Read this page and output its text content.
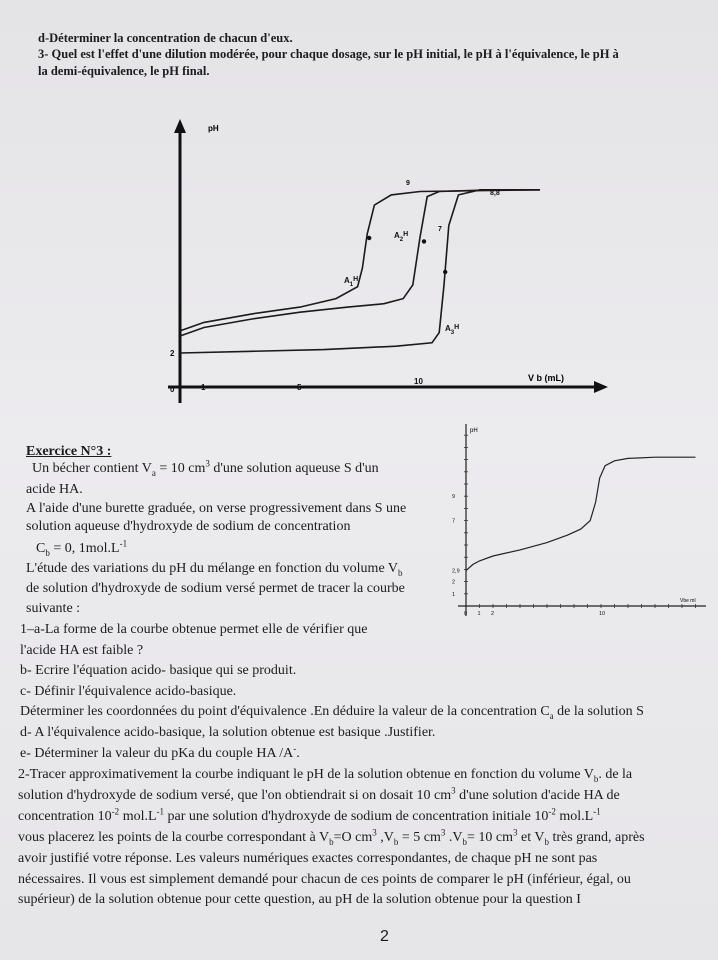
d-Déterminer la concentration de chacun d'eux.
3- Quel est l'effet d'une dilution modérée, pour chaque dosage, sur le pH initial, le pH à l'équivalence, le pH à
la demi-équivalence, le pH final.
pH
V b (mL)
0	1	5
10
2
$A_1H$
$A_2H$
$A_3H$
9
8,8
7
Exercice N°3 :
Un bécher contient $V_a = 10$ $cm^3$ d'une solution aqueuse S d'un
acide HA.
A l'aide d'une burette graduée, on verse progressivement dans S une
solution aqueuse d'hydroxyde de sodium de concentration
$C_b = 0$, $1mol.L^{-1}$
L'étude des variations du pH du mélange en fonction du volume $V_b$
de solution d'hydroxyde de sodium versé permet de tracer la courbe
suivante :
1–a-La forme de la courbe obtenue permet elle de vérifier que
l'acide HA est faible ?
b- Ecrire l'équation acido- basique qui se produit.
c- Définir l'équivalence acido-basique.
Déterminer les coordonnées du point d'équivalence .En déduire la valeur de la concentration $C_a$ de la solution S
d- A l'équivalence acido-basique, la solution obtenue est basique .Justifier.
e- Déterminer la valeur du pKa du couple HA /A-.
2-Tracer approximativement la courbe indiquant le pH de la solution obtenue en fonction du volume $V_b$. de la
solution d'hydroxyde de sodium versé, que l'on obtiendrait si on dosait 10 $cm^3$ d'une solution d'acide HA de
concentration $10^{-2}$ $mol.L^{-1}$ par une solution d'hydroxyde de sodium de concentration initiale $10^{-2}$ $mol.L^{-1}$
vous placerez les points de la courbe correspondant à $V_b=O$ $cm^3$ $,V_b = 5$ $cm^3$ $.V_b= 10$ $cm^3$ et $V_b$ très grand, après
avoir justifié votre réponse. Les valeurs numériques exactes correspondantes, de chaque pH ne sont pas
nécessaires. Il vous est simplement demandé pour chacun de ces points de comparer le pH (inférieur, égal, ou
supérieur) de la solution obtenue pour cette question, au pH de la solution obtenue pour la question I
pH
Vbe ml
0 1 2	10
1
2
2,9
7
9
2
